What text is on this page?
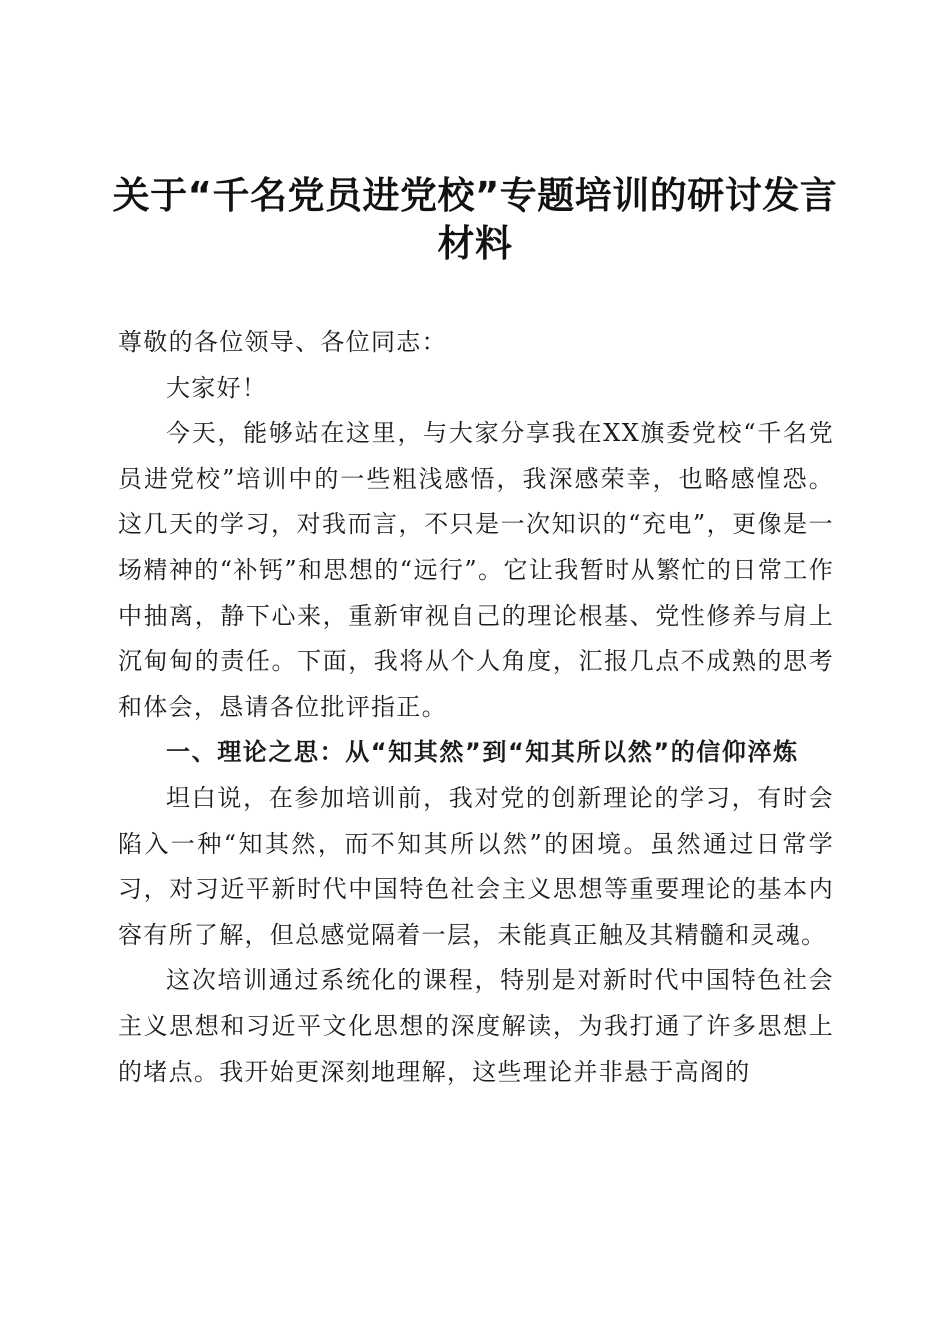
关于“千名党员进党校”专题培训的研讨发言
材料

尊敬的各位领导、各位同志：

大家好！

今天，能够站在这里，与大家分享我在XX旗委党校“千名党员进党校”培训中的一些粗浅感悟，我深感荣幸，也略感惶恐。这几天的学习，对我而言，不只是一次知识的“充电”，更像是一场精神的“补钙”和思想的“远行”。它让我暂时从繁忙的日常工作中抽离，静下心来，重新审视自己的理论根基、党性修养与肩上沉甸甸的责任。下面，我将从个人角度，汇报几点不成熟的思考和体会，恳请各位批评指正。

一、理论之思：从“知其然”到“知其所以然”的信仰淬炼

坦白说，在参加培训前，我对党的创新理论的学习，有时会陷入一种“知其然，而不知其所以然”的困境。虽然通过日常学习，对习近平新时代中国特色社会主义思想等重要理论的基本内容有所了解，但总感觉隔着一层，未能真正触及其精髓和灵魂。

这次培训通过系统化的课程，特别是对新时代中国特色社会主义思想和习近平文化思想的深度解读，为我打通了许多思想上的堵点。我开始更深刻地理解，这些理论并非悬于高阁的
